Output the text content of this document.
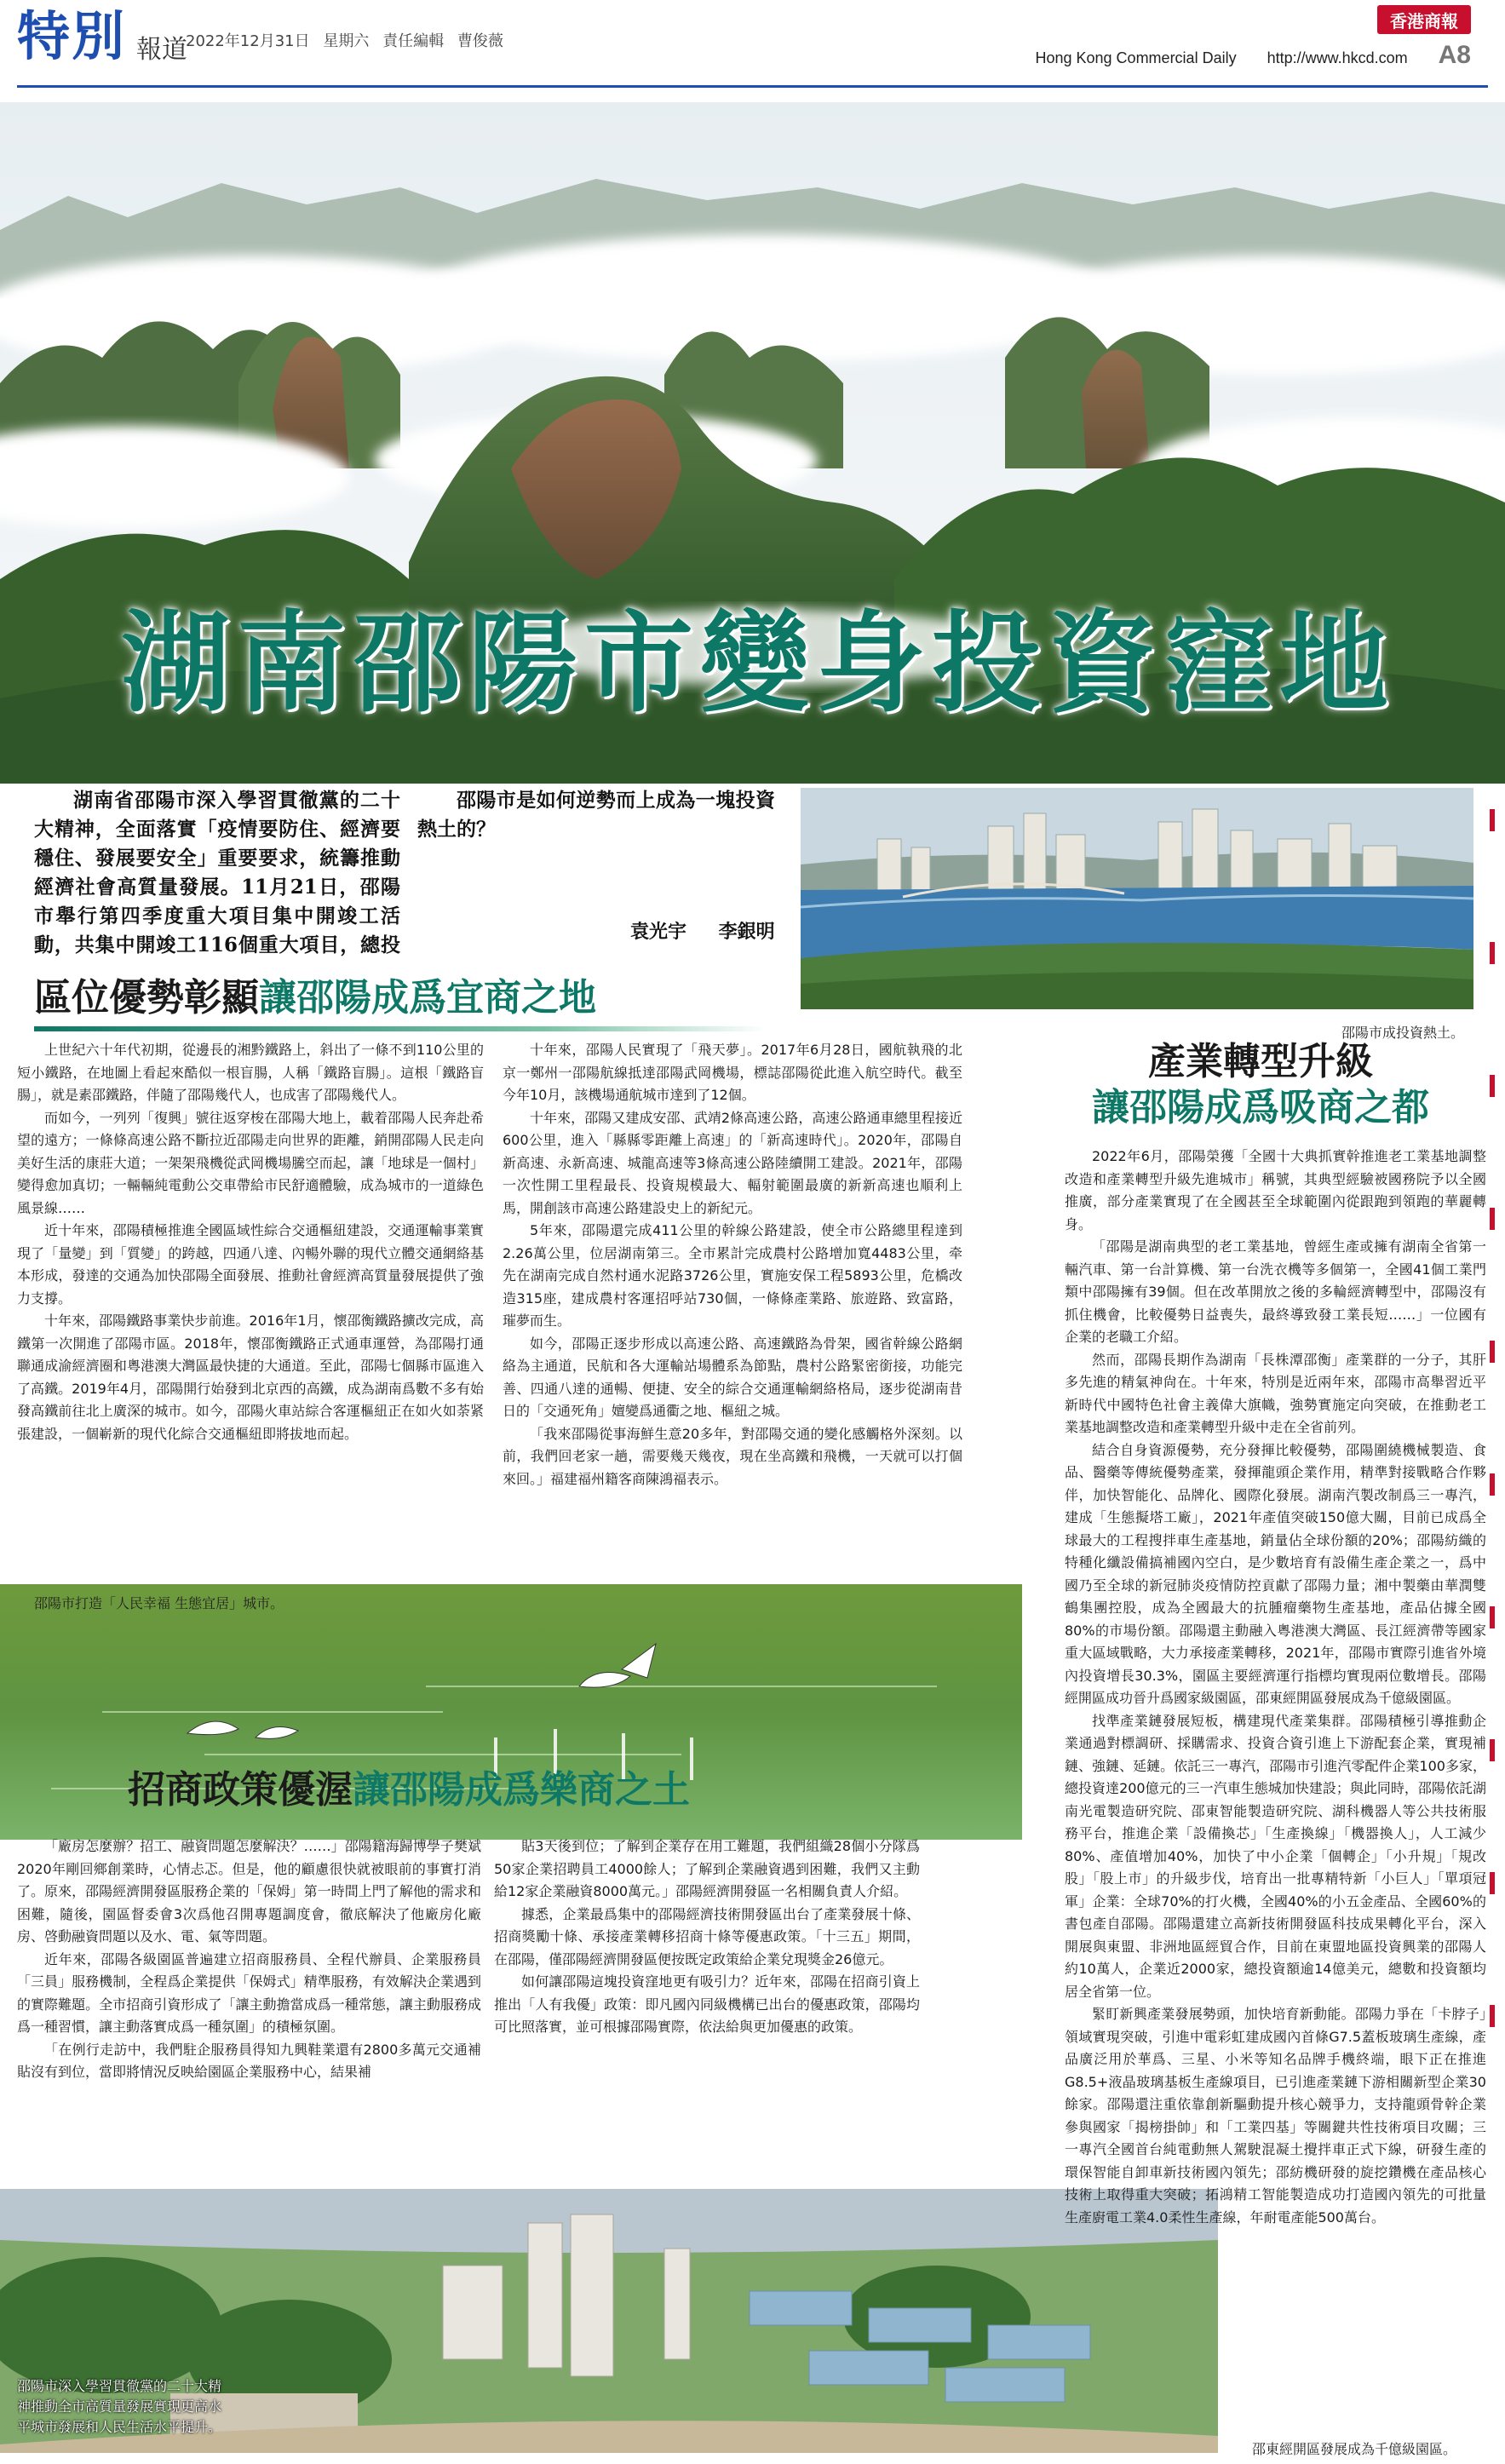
特別 報道
2022年12月31日 星期六 責任編輯 曹俊薇
香港商報
Hong Kong Commercial Daily http://www.hkcd.com A8
湖南邵陽市變身投資窪地

湖南省邵陽市深入學習貫徹黨的二十大精神，全面落實「疫情要防住、經濟要穩住、發展要安全」重要要求，統籌推動經濟社會高質量發展。11月21日，邵陽市舉行第四季度重大項目集中開竣工活動，共集中開竣工116個重大項目，總投

邵陽市是如何逆勢而上成為一塊投資熱土的？

袁光宇 李銀明
邵陽市成投資熱土。
區位優勢彰顯讓邵陽成爲宜商之地

上世紀六十年代初期，從邊長的湘黔鐵路上，斜出了一條不到110公里的短小鐵路，在地圖上看起來酷似一根盲腸，人稱「鐵路盲腸」。這根「鐵路盲腸」，就是素邵鐵路，伴隨了邵陽幾代人，也成害了邵陽幾代人。

而如今，一列列「復興」號往返穿梭在邵陽大地上，載着邵陽人民奔赴希望的遠方；一條條高速公路不斷拉近邵陽走向世界的距離，銷開邵陽人民走向美好生活的康莊大道；一架架飛機從武岡機場騰空而起，讓「地球是一個村」變得愈加真切；一輛輛純電動公交車帶給市民舒適體驗，成為城市的一道綠色風景線……

近十年來，邵陽積極推進全國區域性綜合交通樞紐建設，交通運輸事業實現了「量變」到「質變」的跨越，四通八達、內暢外聯的現代立體交通網絡基本形成，發達的交通為加快邵陽全面發展、推動社會經濟高質量發展提供了強力支撐。

十年來，邵陽鐵路事業快步前進。2016年1月，懷邵衡鐵路擴改完成，高鐵第一次開進了邵陽市區。2018年，懷邵衡鐵路正式通車運營，為邵陽打通聯通成渝經濟圈和粵港澳大灣區最快捷的大通道。至此，邵陽七個縣市區進入了高鐵。2019年4月，邵陽開行始發到北京西的高鐵，成為湖南爲數不多有始發高鐵前往北上廣深的城市。如今，邵陽火車站綜合客運樞紐正在如火如荼紧張建設，一個嶄新的現代化綜合交通樞紐即將拔地而起。

十年來，邵陽人民實現了「飛天夢」。2017年6月28日，國航執飛的北京一鄭州一邵陽航線抵達邵陽武岡機場，標誌邵陽從此進入航空時代。截至今年10月，該機場通航城市達到了12個。

十年來，邵陽又建成安邵、武靖2條高速公路，高速公路通車總里程接近600公里，進入「縣縣零距離上高速」的「新高速時代」。2020年，邵陽自新高速、永新高速、城龍高速等3條高速公路陸續開工建設。2021年，邵陽一次性開工里程最長、投資規模最大、輻射範圍最廣的新新高速也順利上馬，開創該市高速公路建設史上的新紀元。

5年來，邵陽還完成411公里的幹線公路建設，使全市公路總里程達到2.26萬公里，位居湖南第三。全市累計完成農村公路增加寬4483公里，牵先在湖南完成自然村通水泥路3726公里，實施安保工程5893公里，危橋改造315座，建成農村客運招呼站730個，一條條產業路、旅遊路、致富路，璀夢而生。

如今，邵陽正逐步形成以高速公路、高速鐵路為骨架，國省幹線公路網絡為主通道，民航和各大運輸站場體系為節點，農村公路緊密銜接，功能完善、四通八達的通暢、便捷、安全的綜合交通運輸網絡格局，逐步從湖南昔日的「交通死角」嬗變爲通衢之地、樞紐之城。

「我來邵陽從事海鮮生意20多年，對邵陽交通的變化感觸格外深刻。以前，我們回老家一趟，需要幾天幾夜，現在坐高鐵和飛機，一天就可以打個來回。」福建福州籍客商陳鴻福表示。

邵陽市打造「人民幸福 生態宜居」城市。
招商政策優渥讓邵陽成爲樂商之土

「廠房怎麼辦？招工、融資問題怎麼解決？……」邵陽籍海歸博學子樊斌2020年剛回鄉創業時，心情忐忑。但是，他的顧慮很快就被眼前的事實打消了。原來，邵陽經濟開發區服務企業的「保姆」第一時間上門了解他的需求和困難，隨後，園區督委會3次爲他召開專題調度會，徹底解決了他廠房化廠房、啓動融資問題以及水、電、氣等問題。

近年來，邵陽各級園區普遍建立招商服務員、全程代辦員、企業服務員「三員」服務機制，全程爲企業提供「保姆式」精準服務，有效解決企業遇到的實際難題。全市招商引資形成了「讓主動擔當成爲一種常態，讓主動服務成爲一種習慣，讓主動落實成爲一種氛圍」的積極氛圍。

「在例行走訪中，我們駐企服務員得知九興鞋業還有2800多萬元交通補貼沒有到位，當即將情況反映給園區企業服務中心，結果補

貼3天後到位；了解到企業存在用工難題，我們組織28個小分隊爲50家企業招聘員工4000餘人；了解到企業融資遇到困難，我們又主動給12家企業融資8000萬元。」邵陽經濟開發區一名相關負責人介紹。

據悉，企業最爲集中的邵陽經濟技術開發區出台了產業發展十條、招商獎勵十條、承接產業轉移招商十條等優惠政策。「十三五」期間，在邵陽，僅邵陽經濟開發區便按既定政策給企業兌現獎金26億元。

如何讓邵陽這塊投資窪地更有吸引力？近年來，邵陽在招商引資上推出「人有我優」政策：即凡國內同級機構已出台的優惠政策，邵陽均可比照落實，並可根據邵陽實際，依法給與更加優惠的政策。

邵陽市深入學習貫徹黨的二十大精神推動全市高質量發展實現更高水平城市發展和人民生活水平提升。
邵東經開區發展成為千億級園區。
產業轉型升級
讓邵陽成爲吸商之都

2022年6月，邵陽榮獲「全國十大典抓實幹推進老工業基地調整改造和產業轉型升級先進城市」稱號，其典型經驗被國務院予以全國推廣，部分產業實現了在全國甚至全球範圍內從跟跑到領跑的華麗轉身。

「邵陽是湖南典型的老工業基地，曾經生產或擁有湖南全省第一輛汽車、第一台計算機、第一台洗衣機等多個第一，全國41個工業門類中邵陽擁有39個。但在改革開放之後的多輪經濟轉型中，邵陽沒有抓住機會，比較優勢日益喪失，最終導致發工業長短……」一位國有企業的老職工介紹。

然而，邵陽長期作為湖南「長株潭邵衡」產業群的一分子，其肝多先進的精氣神尙在。十年來，特別是近兩年來，邵陽市高舉習近平新時代中國特色社會主義偉大旗幟，強勢實施定向突破，在推動老工業基地調整改造和產業轉型升級中走在全省前列。

結合自身資源優勢，充分發揮比較優勢，邵陽圍繞機械製造、食品、醫藥等傳統優勢產業，發揮龍頭企業作用，精準對接戰略合作夥伴，加快智能化、品牌化、國際化發展。湖南汽製改制爲三一專汽，建成「生態擬塔工廠」，2021年產值突破150億大關，目前已成爲全球最大的工程搜拌車生產基地，銷量佔全球份額的20%；邵陽紡織的特種化纖設備搞補國內空白，是少數培育有設備生產企業之一，爲中國乃至全球的新冠肺炎疫情防控貢獻了邵陽力量；湘中製藥由華潤雙鶴集團控股，成為全國最大的抗腫瘤藥物生產基地，產品佔據全國80%的市場份額。邵陽還主動融入粵港澳大灣區、長江經濟帶等國家重大區域戰略，大力承接產業轉移，2021年，邵陽市實際引進省外境內投資增長30.3%，園區主要經濟運行指標均實現兩位數增長。邵陽經開區成功晉升爲國家級園區，邵東經開區發展成為千億級園區。

找準產業鏈發展短板，構建現代產業集群。邵陽積極引導推動企業通過對標調研、採購需求、投資合資引進上下游配套企業，實現補鏈、強鏈、延鏈。依託三一專汽，邵陽市引進汽零配件企業100多家，總投資達200億元的三一汽車生態城加快建設；與此同時，邵陽依託湖南光電製造研究院、邵東智能製造研究院、湖科機器人等公共技術服務平台，推進企業「設備換芯」「生產換線」「機器換人」，人工減少80%、產值增加40%，加快了中小企業「個轉企」「小升規」「規改股」「股上市」的升級步伐，培育出一批專精特新「小巨人」「單項冠軍」企業：全球70%的打火機，全國40%的小五金產品、全國60%的書包產自邵陽。邵陽還建立高新技術開發區科技成果轉化平台，深入開展與東盟、非洲地區經貿合作，目前在東盟地區投資興業的邵陽人約10萬人，企業近2000家，總投資額逾14億美元，總數和投資額均居全省第一位。

緊盯新興產業發展勢頭，加快培育新動能。邵陽力爭在「卡脖子」領域實現突破，引進中電彩虹建成國內首條G7.5蓋板玻璃生產線，產品廣泛用於華爲、三星、小米等知名品牌手機終端，眼下正在推進G8.5+液晶玻璃基板生產線項目，已引進產業鏈下游相關新型企業30餘家。邵陽還注重依靠創新驅動提升核心競爭力，支持龍頭骨幹企業參與國家「揭榜掛帥」和「工業四基」等關鍵共性技術項目攻關；三一專汽全國首台純電動無人駕駛混凝土攪拌車正式下線，研發生產的環保智能自卸車新技術國內領先；邵紡機研發的旋挖鑽機在產品核心技術上取得重大突破；拓鴻精工智能製造成功打造國內領先的可批量生產廚電工業4.0柔性生產線，年耐電產能500萬台。
